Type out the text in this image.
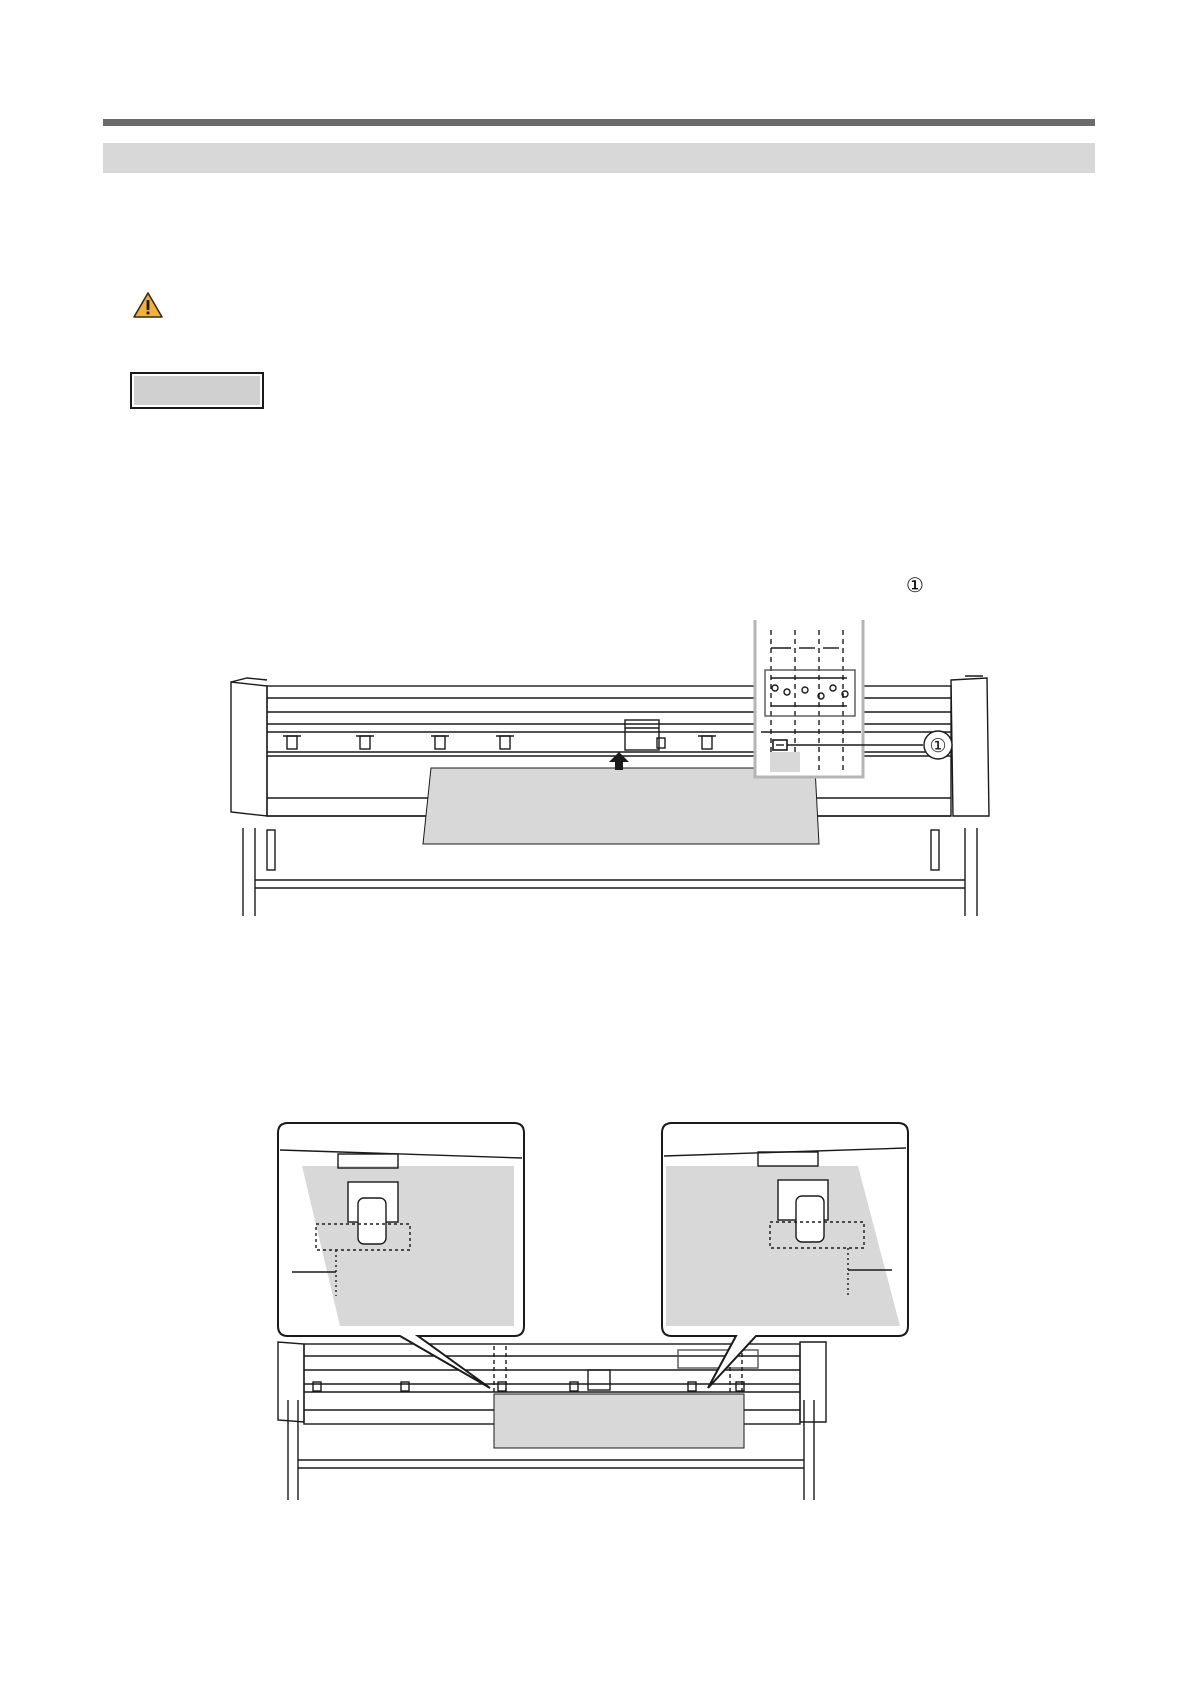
①
①
